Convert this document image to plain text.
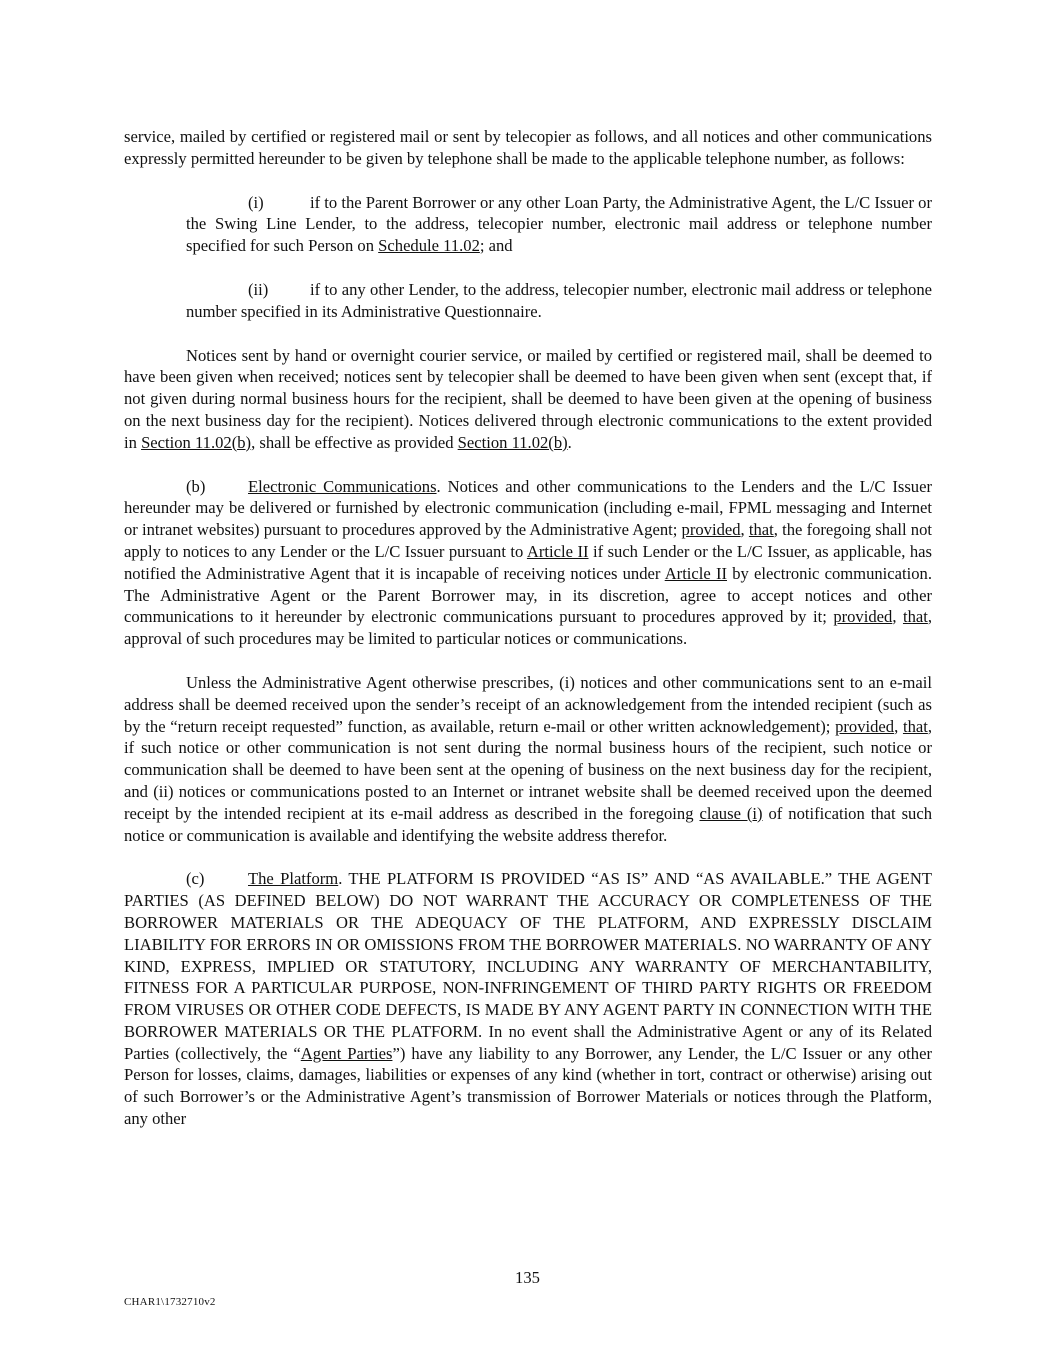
service, mailed by certified or registered mail or sent by telecopier as follows, and all notices and other communications expressly permitted hereunder to be given by telephone shall be made to the applicable telephone number, as follows:

(i)	if to the Parent Borrower or any other Loan Party, the Administrative Agent, the L/C Issuer or the Swing Line Lender, to the address, telecopier number, electronic mail address or telephone number specified for such Person on Schedule 11.02; and

(ii)	if to any other Lender, to the address, telecopier number, electronic mail address or telephone number specified in its Administrative Questionnaire.

Notices sent by hand or overnight courier service, or mailed by certified or registered mail, shall be deemed to have been given when received; notices sent by telecopier shall be deemed to have been given when sent (except that, if not given during normal business hours for the recipient, shall be deemed to have been given at the opening of business on the next business day for the recipient). Notices delivered through electronic communications to the extent provided in Section 11.02(b), shall be effective as provided Section 11.02(b).

(b)	Electronic Communications. Notices and other communications to the Lenders and the L/C Issuer hereunder may be delivered or furnished by electronic communication (including e-mail, FPML messaging and Internet or intranet websites) pursuant to procedures approved by the Administrative Agent; provided, that, the foregoing shall not apply to notices to any Lender or the L/C Issuer pursuant to Article II if such Lender or the L/C Issuer, as applicable, has notified the Administrative Agent that it is incapable of receiving notices under Article II by electronic communication. The Administrative Agent or the Parent Borrower may, in its discretion, agree to accept notices and other communications to it hereunder by electronic communications pursuant to procedures approved by it; provided, that, approval of such procedures may be limited to particular notices or communications.

Unless the Administrative Agent otherwise prescribes, (i) notices and other communications sent to an e-mail address shall be deemed received upon the sender’s receipt of an acknowledgement from the intended recipient (such as by the “return receipt requested” function, as available, return e-mail or other written acknowledgement); provided, that, if such notice or other communication is not sent during the normal business hours of the recipient, such notice or communication shall be deemed to have been sent at the opening of business on the next business day for the recipient, and (ii) notices or communications posted to an Internet or intranet website shall be deemed received upon the deemed receipt by the intended recipient at its e-mail address as described in the foregoing clause (i) of notification that such notice or communication is available and identifying the website address therefor.

(c)	The Platform. THE PLATFORM IS PROVIDED “AS IS” AND “AS AVAILABLE.” THE AGENT PARTIES (AS DEFINED BELOW) DO NOT WARRANT THE ACCURACY OR COMPLETENESS OF THE BORROWER MATERIALS OR THE ADEQUACY OF THE PLATFORM, AND EXPRESSLY DISCLAIM LIABILITY FOR ERRORS IN OR OMISSIONS FROM THE BORROWER MATERIALS. NO WARRANTY OF ANY KIND, EXPRESS, IMPLIED OR STATUTORY, INCLUDING ANY WARRANTY OF MERCHANTABILITY, FITNESS FOR A PARTICULAR PURPOSE, NON-INFRINGEMENT OF THIRD PARTY RIGHTS OR FREEDOM FROM VIRUSES OR OTHER CODE DEFECTS, IS MADE BY ANY AGENT PARTY IN CONNECTION WITH THE BORROWER MATERIALS OR THE PLATFORM. In no event shall the Administrative Agent or any of its Related Parties (collectively, the “Agent Parties”) have any liability to any Borrower, any Lender, the L/C Issuer or any other Person for losses, claims, damages, liabilities or expenses of any kind (whether in tort, contract or otherwise) arising out of such Borrower’s or the Administrative Agent’s transmission of Borrower Materials or notices through the Platform, any other

135
CHAR1\1732710v2
